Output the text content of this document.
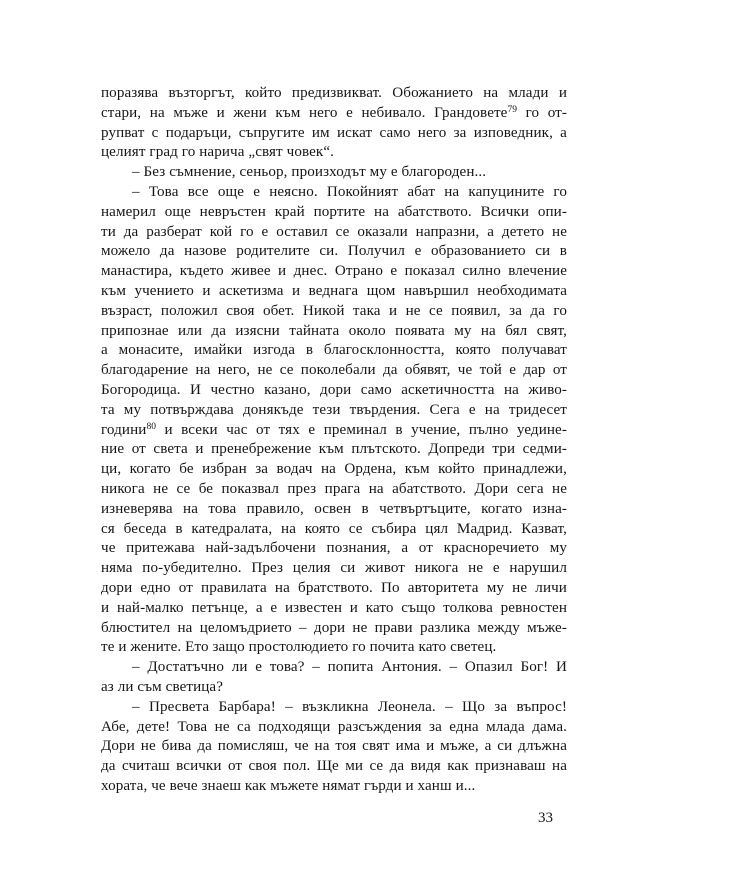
поразява възторгът, който предизвикват. Обожанието на млади и
стари, на мъже и жени към него е небивало. Грандовете$^{79}$ го от-
рупват с подаръци, съпругите им искат само него за изповедник, а
целият град го нарича „свят човек“.
– Без съмнение, сеньор, произходът му е благороден...
– Това все още е неясно. Покойният абат на капуцините го
намерил още невръстен край портите на абатството. Всички опи-
ти да разберат кой го е оставил се оказали напразни, а детето не
можело да назове родителите си. Получил е образованието си в
манастира, където живее и днес. Отрано е показал силно влечение
към учението и аскетизма и веднага щом навършил необходимата
възраст, положил своя обет. Никой така и не се появил, за да го
припознае или да изясни тайната около появата му на бял свят,
а монасите, имайки изгода в благосклонността, която получават
благодарение на него, не се поколебали да обявят, че той е дар от
Богородица. И честно казано, дори само аскетичността на живо-
та му потвърждава донякъде тези твърдения. Сега е на тридесет
години$^{80}$ и всеки час от тях е преминал в учение, пълно уедине-
ние от света и пренебрежение към плътското. Допреди три седми-
ци, когато бе избран за водач на Ордена, към който принадлежи,
никога не се бе показвал през прага на абатството. Дори сега не
изневерява на това правило, освен в четвъртъците, когато изна-
ся беседа в катедралата, на която се събира цял Мадрид. Казват,
че притежава най-задълбочени познания, а от красноречието му
няма по-убедително. През целия си живот никога не е нарушил
дори едно от правилата на братството. По авторитета му не личи
и най-малко петънце, а е известен и като също толкова ревностен
блюстител на целомъдрието – дори не прави разлика между мъже-
те и жените. Ето защо простолюдието го почита като светец.
– Достатъчно ли е това? – попита Антония. – Опазил Бог! И
аз ли съм светица?
– Пресвета Барбара! – възкликна Леонела. – Що за въпрос!
Абе, дете! Това не са подходящи разсъждения за една млада дама.
Дори не бива да помисляш, че на тоя свят има и мъже, а си длъжна
да считаш всички от своя пол. Ще ми се да видя как признаваш на
хората, че вече знаеш как мъжете нямат гърди и ханш и...
33
